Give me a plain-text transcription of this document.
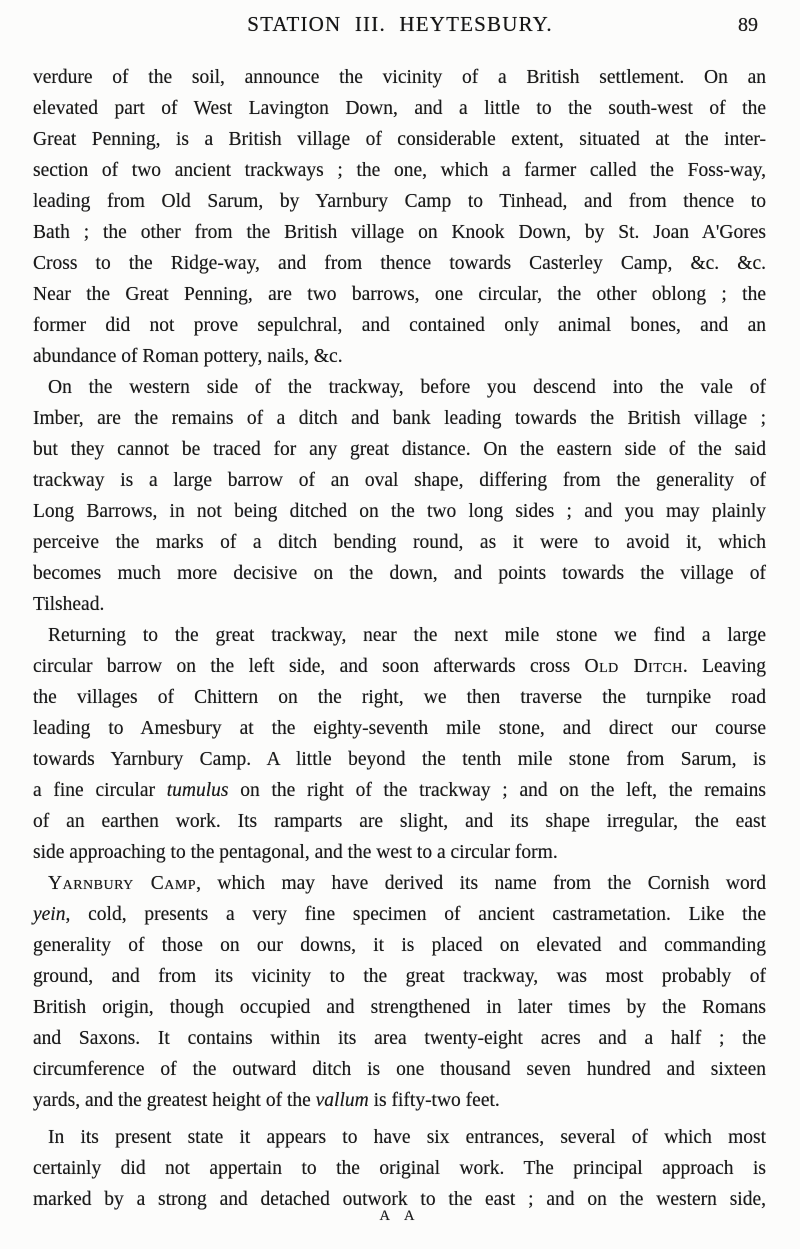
STATION III. HEYTESBURY.	89
verdure of the soil, announce the vicinity of a British settlement. On an
elevated part of West Lavington Down, and a little to the south-west of the
Great Penning, is a British village of considerable extent, situated at the inter-
section of two ancient trackways ; the one, which a farmer called the Foss-way,
leading from Old Sarum, by Yarnbury Camp to Tinhead, and from thence to
Bath ; the other from the British village on Knook Down, by St. Joan A'Gores
Cross to the Ridge-way, and from thence towards Casterley Camp, &c. &c.
Near the Great Penning, are two barrows, one circular, the other oblong ; the
former did not prove sepulchral, and contained only animal bones, and an
abundance of Roman pottery, nails, &c.
On the western side of the trackway, before you descend into the vale of
Imber, are the remains of a ditch and bank leading towards the British village ;
but they cannot be traced for any great distance. On the eastern side of the said
trackway is a large barrow of an oval shape, differing from the generality of
Long Barrows, in not being ditched on the two long sides ; and you may plainly
perceive the marks of a ditch bending round, as it were to avoid it, which
becomes much more decisive on the down, and points towards the village of
Tilshead.
Returning to the great trackway, near the next mile stone we find a large
circular barrow on the left side, and soon afterwards cross Old Ditch. Leaving
the villages of Chittern on the right, we then traverse the turnpike road
leading to Amesbury at the eighty-seventh mile stone, and direct our course
towards Yarnbury Camp. A little beyond the tenth mile stone from Sarum, is
a fine circular tumulus on the right of the trackway ; and on the left, the remains
of an earthen work. Its ramparts are slight, and its shape irregular, the east
side approaching to the pentagonal, and the west to a circular form.
Yarnbury Camp, which may have derived its name from the Cornish word
yein, cold, presents a very fine specimen of ancient castrametation. Like the
generality of those on our downs, it is placed on elevated and commanding
ground, and from its vicinity to the great trackway, was most probably of
British origin, though occupied and strengthened in later times by the Romans
and Saxons. It contains within its area twenty-eight acres and a half ; the
circumference of the outward ditch is one thousand seven hundred and sixteen
yards, and the greatest height of the vallum is fifty-two feet.
In its present state it appears to have six entrances, several of which most
certainly did not appertain to the original work. The principal approach is
marked by a strong and detached outwork to the east ; and on the western side,
A A
